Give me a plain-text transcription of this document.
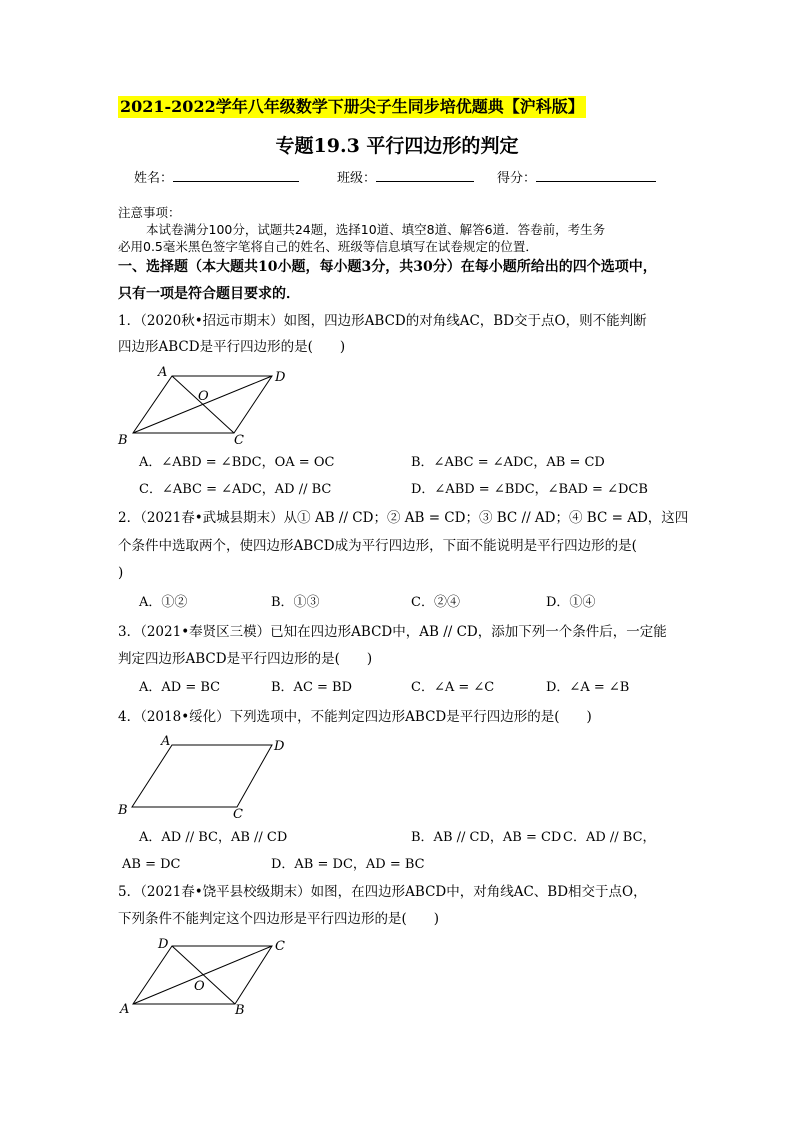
2021-2022学年八年级数学下册尖子生同步培优题典【沪科版】
专题19.3 平行四边形的判定
姓名：	班级：	得分：
注意事项：
本试卷满分100分，试题共24题，选择10道、填空8道、解答6道．答卷前，考生务
必用0.5毫米黑色签字笔将自己的姓名、班级等信息填写在试卷规定的位置．
一、选择题（本大题共10小题，每小题3分，共30分）在每小题所给出的四个选项中，
只有一项是符合题目要求的．
1．（2020秋•招远市期末）如图，四边形ABCD的对角线AC，BD交于点O，则不能判断
四边形ABCD是平行四边形的是(　　)
A	D
O
B	C
A．∠ABD = ∠BDC，OA = OC	B．∠ABC = ∠ADC，AB = CD
C．∠ABC = ∠ADC，AD // BC	D．∠ABD = ∠BDC，∠BAD = ∠DCB
2．（2021春•武城县期末）从① AB // CD；② AB = CD；③ BC // AD；④ BC = AD，这四
个条件中选取两个，使四边形ABCD成为平行四边形，下面不能说明是平行四边形的是(
)
A．①②	B．①③	C．②④	D．①④
3．（2021•奉贤区三模）已知在四边形ABCD中，AB // CD，添加下列一个条件后，一定能
判定四边形ABCD是平行四边形的是(　　)
A．AD = BC	B．AC = BD	C．∠A = ∠C	D．∠A = ∠B
4．（2018•绥化）下列选项中，不能判定四边形ABCD是平行四边形的是(　　)
A	D
B	C
A．AD // BC，AB // CD	B．AB // CD，AB = CD C．AD // BC，
AB = DC	D．AB = DC，AD = BC
5．（2021春•饶平县校级期末）如图，在四边形ABCD中，对角线AC、BD相交于点O，
下列条件不能判定这个四边形是平行四边形的是(　　)
D	C
O
A	B
